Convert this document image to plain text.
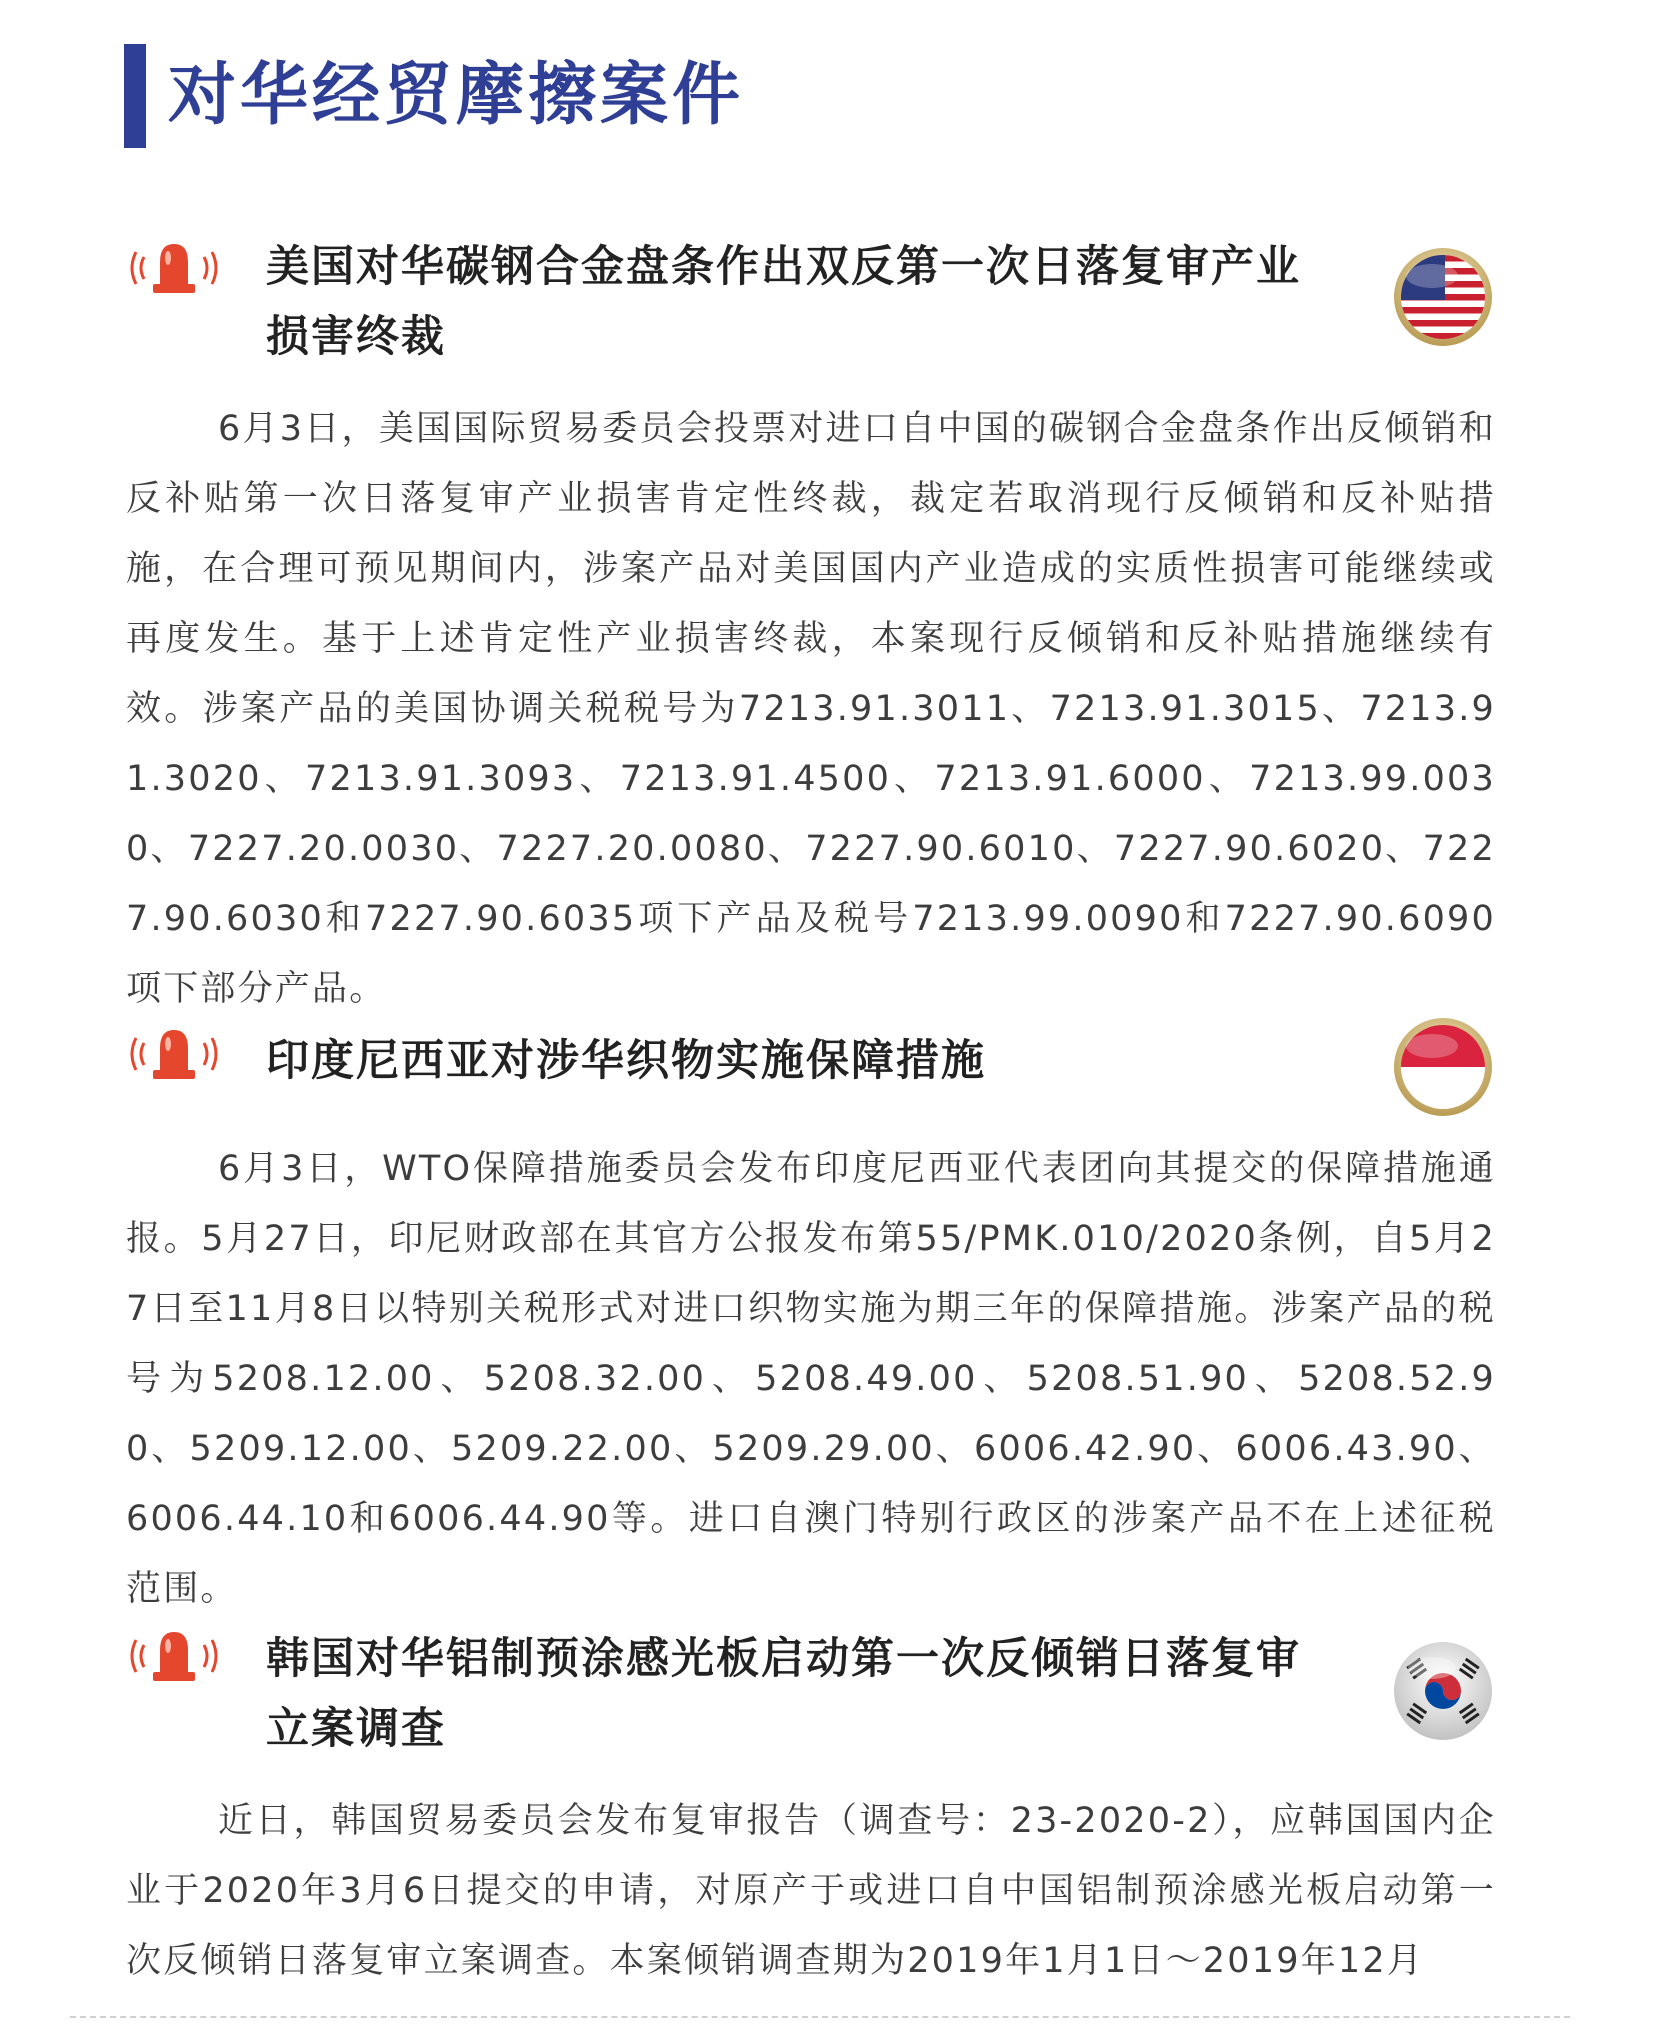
对华经贸摩擦案件
美国对华碳钢合金盘条作出双反第一次日落复审产业损害终裁

6月3日，美国国际贸易委员会投票对进口自中国的碳钢合金盘条作出反倾销和反补贴第一次日落复审产业损害肯定性终裁，裁定若取消现行反倾销和反补贴措施，在合理可预见期间内，涉案产品对美国国内产业造成的实质性损害可能继续或再度发生。基于上述肯定性产业损害终裁，本案现行反倾销和反补贴措施继续有效。涉案产品的美国协调关税税号为7213.91.3011、7213.91.3015、7213.91.3020、7213.91.3093、7213.91.4500、7213.91.6000、7213.99.0030、7227.20.0030、7227.20.0080、7227.90.6010、7227.90.6020、7227.90.6030和7227.90.6035项下产品及税号7213.99.0090和7227.90.6090项下部分产品。

印度尼西亚对涉华织物实施保障措施

6月3日，WTO保障措施委员会发布印度尼西亚代表团向其提交的保障措施通报。5月27日，印尼财政部在其官方公报发布第55/PMK.010/2020条例，自5月27日至11月8日以特别关税形式对进口织物实施为期三年的保障措施。涉案产品的税号为5208.12.00、5208.32.00、5208.49.00、5208.51.90、5208.52.90、5209.12.00、5209.22.00、5209.29.00、6006.42.90、6006.43.90、6006.44.10和6006.44.90等。进口自澳门特别行政区的涉案产品不在上述征税范围。

韩国对华铝制预涂感光板启动第一次反倾销日落复审立案调查

近日，韩国贸易委员会发布复审报告（调查号：23-2020-2），应韩国国内企业于2020年3月6日提交的申请，对原产于或进口自中国铝制预涂感光板启动第一次反倾销日落复审立案调查。本案倾销调查期为2019年1月1日～2019年12月
